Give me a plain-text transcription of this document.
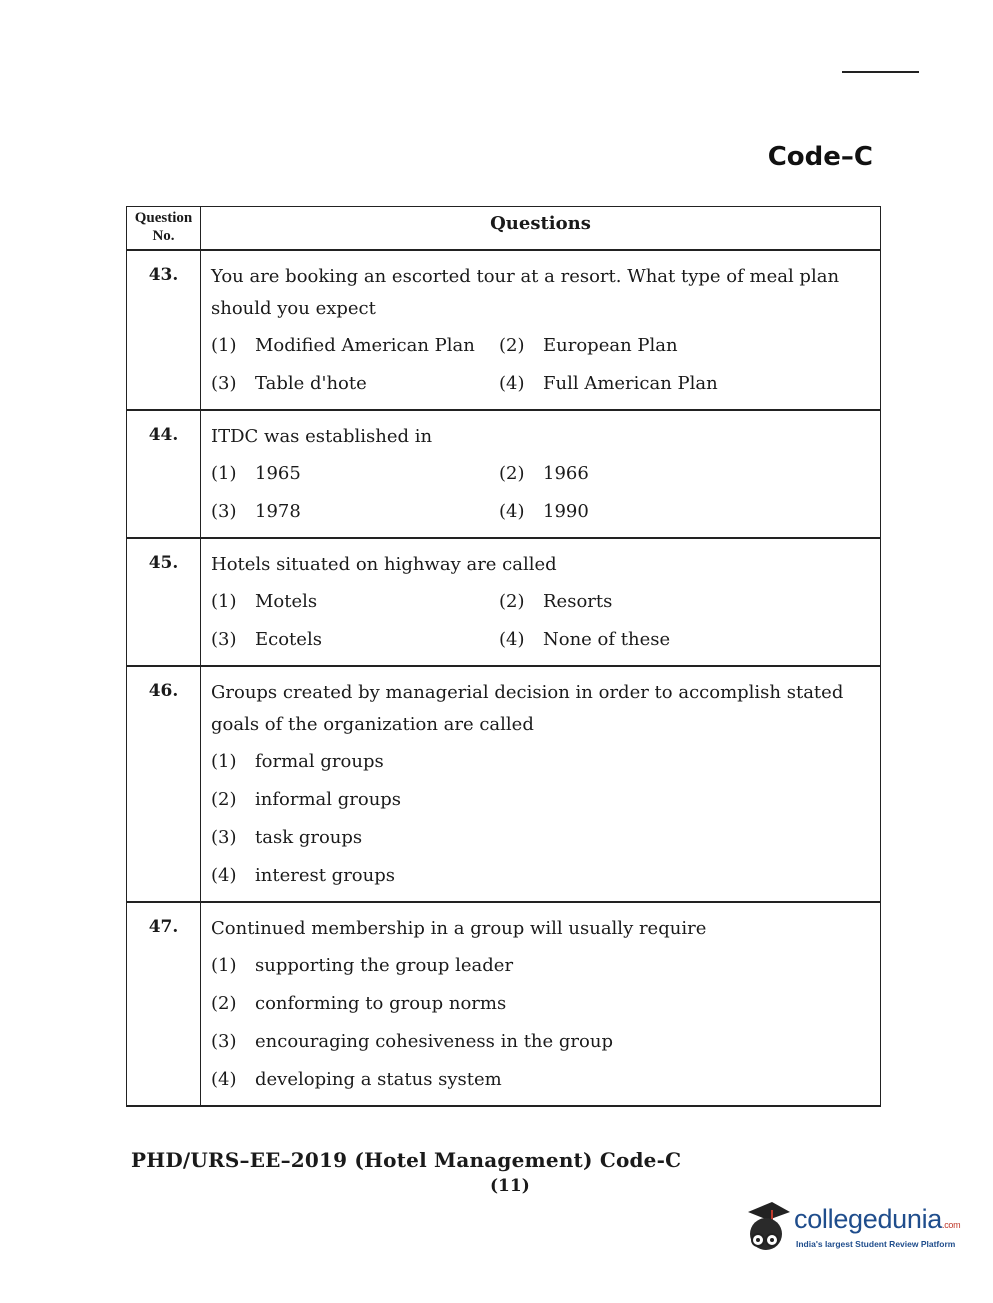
Code–C
Question No.	Questions
43.	You are booking an escorted tour at a resort. What type of meal plan should you expect
(1) Modified American Plan (2) European Plan
(3) Table d'hote (4) Full American Plan

44.	ITDC was established in
(1) 1965 (2) 1966
(3) 1978 (4) 1990

45.	Hotels situated on highway are called
(1) Motels (2) Resorts
(3) Ecotels (4) None of these

46.	Groups created by managerial decision in order to accomplish stated goals of the organization are called
(1) formal groups
(2) informal groups
(3) task groups
(4) interest groups

47.	Continued membership in a group will usually require
(1) supporting the group leader
(2) conforming to group norms
(3) encouraging cohesiveness in the group
(4) developing a status system
PHD/URS–EE–2019 (Hotel Management) Code-C
(11)
collegedunia.com
India's largest Student Review Platform
